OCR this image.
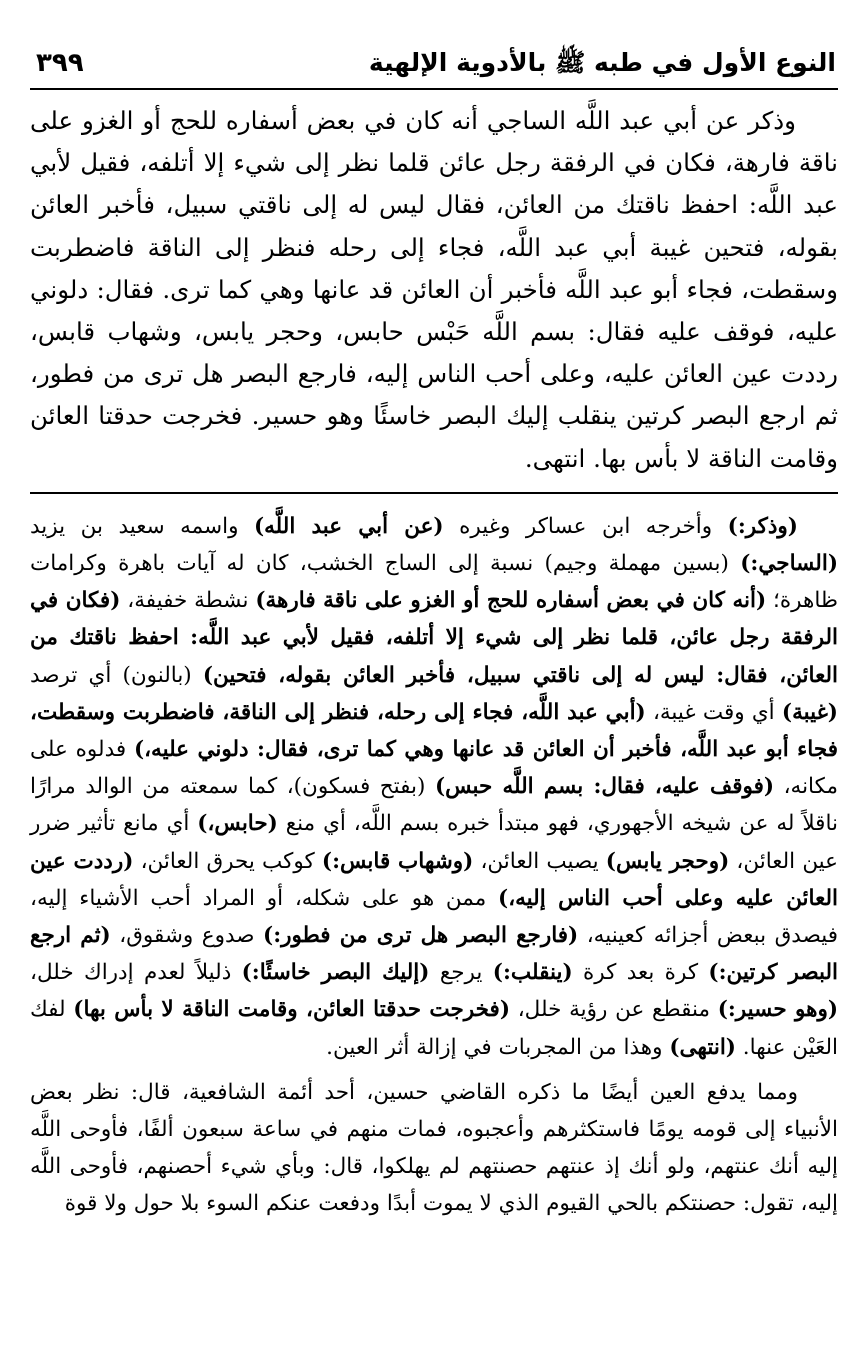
النوع الأول في طبه ﷺ بالأدوية الإلهية
٣٩٩

وذكر عن أبي عبد اللَّه الساجي أنه كان في بعض أسفاره للحج أو الغزو على ناقة فارهة، فكان في الرفقة رجل عائن قلما نظر إلى شيء إلا أتلفه، فقيل لأبي عبد اللَّه: احفظ ناقتك من العائن، فقال ليس له إلى ناقتي سبيل، فأخبر العائن بقوله، فتحين غيبة أبي عبد اللَّه، فجاء إلى رحله فنظر إلى الناقة فاضطربت وسقطت، فجاء أبو عبد اللَّه فأخبر أن العائن قد عانها وهي كما ترى. فقال: دلوني عليه، فوقف عليه فقال: بسم اللَّه حَبْس حابس، وحجر يابس، وشهاب قابس، رددت عين العائن عليه، وعلى أحب الناس إليه، فارجع البصر هل ترى من فطور، ثم ارجع البصر كرتين ينقلب إليك البصر خاسئًا وهو حسير. فخرجت حدقتا العائن وقامت الناقة لا بأس بها. انتهى.

(وذكر:) وأخرجه ابن عساكر وغيره (عن أبي عبد اللَّه) واسمه سعيد بن يزيد (الساجي:) (بسين مهملة وجيم) نسبة إلى الساج الخشب، كان له آيات باهرة وكرامات ظاهرة؛ (أنه كان في بعض أسفاره للحج أو الغزو على ناقة فارهة) نشطة خفيفة، (فكان في الرفقة رجل عائن، قلما نظر إلى شيء إلا أتلفه، فقيل لأبي عبد اللَّه: احفظ ناقتك من العائن، فقال: ليس له إلى ناقتي سبيل، فأخبر العائن بقوله، فتحين) (بالنون) أي ترصد (غيبة) أي وقت غيبة، (أبي عبد اللَّه، فجاء إلى رحله، فنظر إلى الناقة، فاضطربت وسقطت، فجاء أبو عبد اللَّه، فأخبر أن العائن قد عانها وهي كما ترى، فقال: دلوني عليه،) فدلوه على مكانه، (فوقف عليه، فقال: بسم اللَّه حبس) (بفتح فسكون)، كما سمعته من الوالد مرارًا ناقلاً له عن شيخه الأجهوري، فهو مبتدأ خبره بسم اللَّه، أي منع (حابس،) أي مانع تأثير ضرر عين العائن، (وحجر يابس) يصيب العائن، (وشهاب قابس:) كوكب يحرق العائن، (رددت عين العائن عليه وعلى أحب الناس إليه،) ممن هو على شكله، أو المراد أحب الأشياء إليه، فيصدق ببعض أجزائه كعينيه، (فارجع البصر هل ترى من فطور:) صدوع وشقوق، (ثم ارجع البصر كرتين:) كرة بعد كرة (ينقلب:) يرجع (إليك البصر خاسئًا:) ذليلاً لعدم إدراك خلل، (وهو حسير:) منقطع عن رؤية خلل، (فخرجت حدقتا العائن، وقامت الناقة لا بأس بها) لفك العَيْن عنها. (انتهى) وهذا من المجربات في إزالة أثر العين.

ومما يدفع العين أيضًا ما ذكره القاضي حسين، أحد أئمة الشافعية، قال: نظر بعض الأنبياء إلى قومه يومًا فاستكثرهم وأعجبوه، فمات منهم في ساعة سبعون ألفًا، فأوحى اللَّه إليه أنك عنتهم، ولو أنك إذ عنتهم حصنتهم لم يهلكوا، قال: وبأي شيء أحصنهم، فأوحى اللَّه إليه، تقول: حصنتكم بالحي القيوم الذي لا يموت أبدًا ودفعت عنكم السوء بلا حول ولا قوة
